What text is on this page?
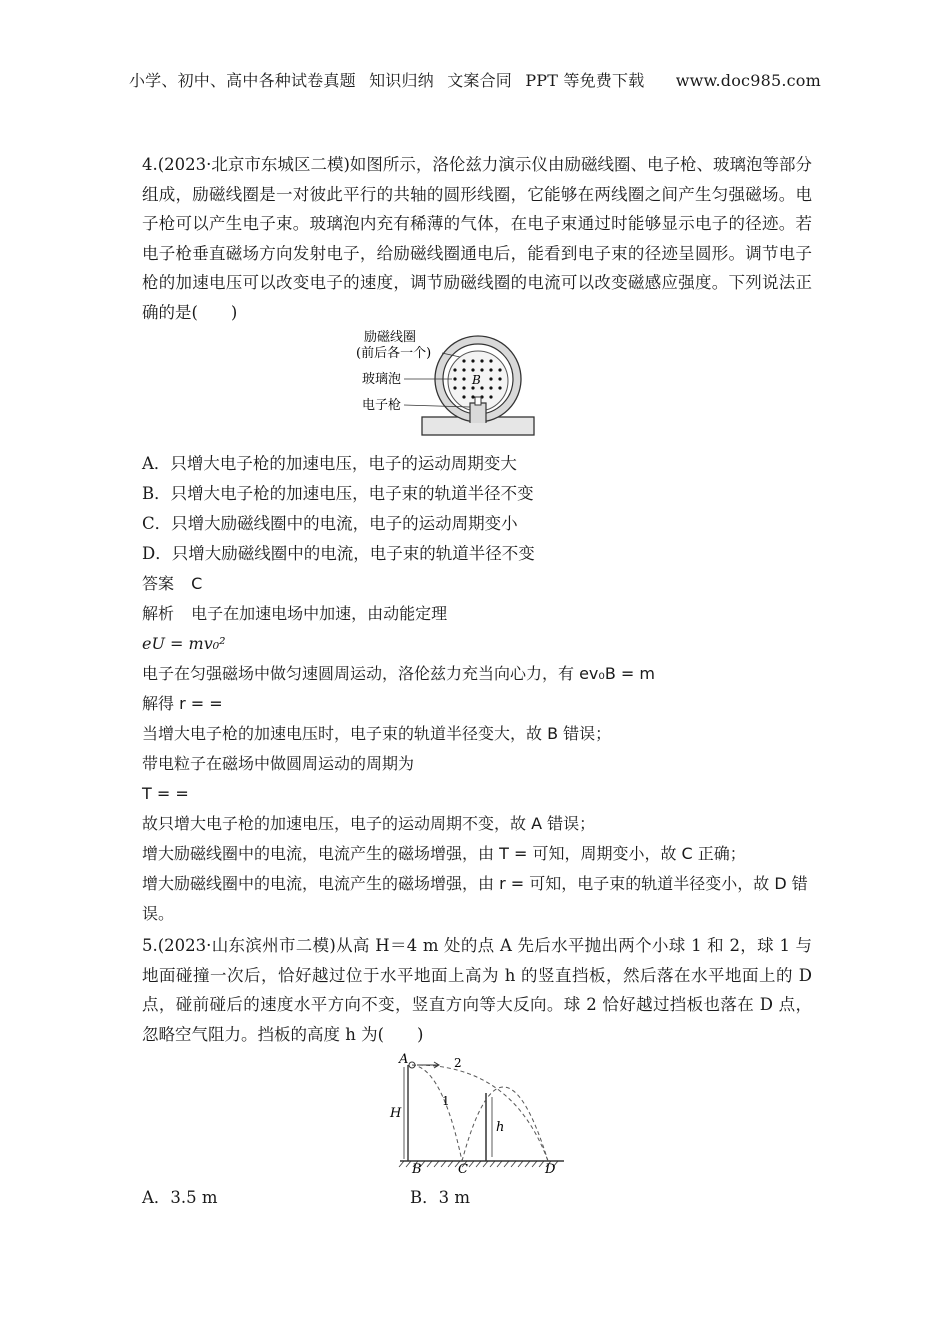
小学、初中、高中各种试卷真题 知识归纳 文案合同 PPT 等免费下载 www.doc985.com

4.(2023·北京市东城区二模)如图所示，洛伦兹力演示仪由励磁线圈、电子枪、玻璃泡等部分组成，励磁线圈是一对彼此平行的共轴的圆形线圈，它能够在两线圈之间产生匀强磁场。电子枪可以产生电子束。玻璃泡内充有稀薄的气体，在电子束通过时能够显示电子的径迹。若电子枪垂直磁场方向发射电子，给励磁线圈通电后，能看到电子束的径迹呈圆形。调节电子枪的加速电压可以改变电子的速度，调节励磁线圈的电流可以改变磁感应强度。下列说法正确的是(　　)

励磁线圈
(前后各一个)
玻璃泡
电子枪
B

A．只增大电子枪的加速电压，电子的运动周期变大

B．只增大电子枪的加速电压，电子束的轨道半径不变

C．只增大励磁线圈中的电流，电子的运动周期变小

D．只增大励磁线圈中的电流，电子束的轨道半径不变

答案 C

解析 电子在加速电场中加速，由动能定理

eU = mv₀²

电子在匀强磁场中做匀速圆周运动，洛伦兹力充当向心力，有 ev₀B = m

解得 r = =

当增大电子枪的加速电压时，电子束的轨道半径变大，故 B 错误；

带电粒子在磁场中做圆周运动的周期为

T = =

故只增大电子枪的加速电压，电子的运动周期不变，故 A 错误；

增大励磁线圈中的电流，电流产生的磁场增强，由 T = 可知，周期变小，故 C 正确；

增大励磁线圈中的电流，电流产生的磁场增强，由 r = 可知，电子束的轨道半径变小，故 D 错误。

5.(2023·山东滨州市二模)从高 H＝4 m 处的点 A 先后水平抛出两个小球 1 和 2，球 1 与地面碰撞一次后，恰好越过位于水平地面上高为 h 的竖直挡板，然后落在水平地面上的 D 点，碰前碰后的速度水平方向不变，竖直方向等大反向。球 2 恰好越过挡板也落在 D 点，忽略空气阻力。挡板的高度 h 为(　　)

A
B	C	D
H
h
1
2
A．3.5 m	B．3 m
